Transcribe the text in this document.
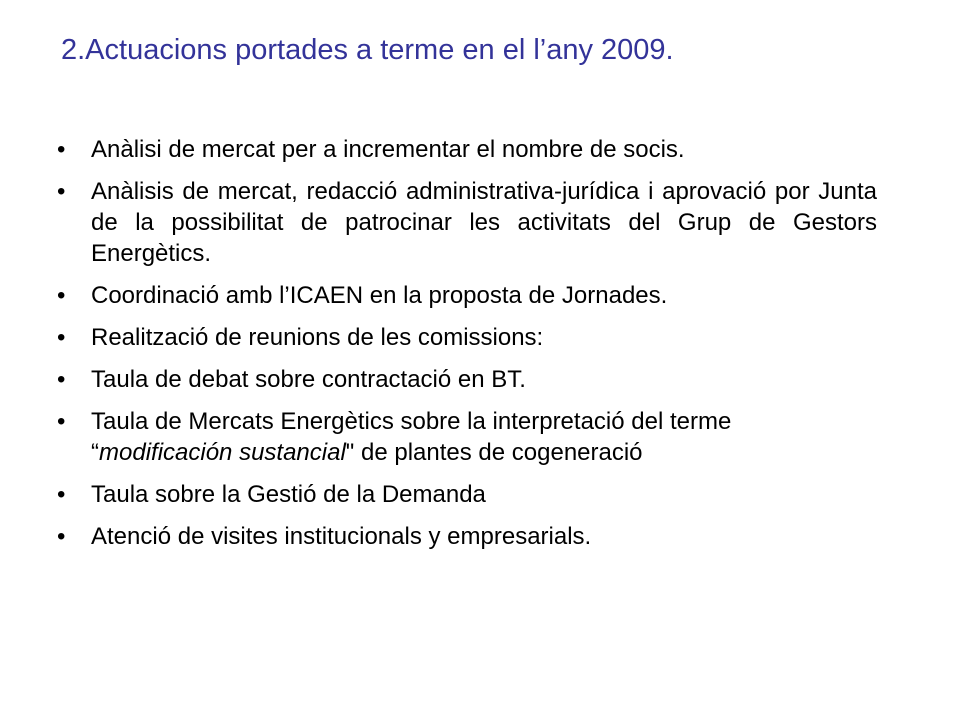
2.Actuacions portades a terme en el l’any 2009.
• Anàlisi de mercat per a incrementar el nombre de socis.
• Anàlisis de mercat, redacció administrativa-jurídica i aprovació por Junta de la possibilitat de patrocinar les activitats del Grup de Gestors Energètics.
• Coordinació amb l’ICAEN en la proposta de Jornades.
• Realització de reunions de les comissions:
• Taula de debat sobre contractació en BT.
• Taula de Mercats Energètics sobre la interpretació del terme “modificación sustancial" de plantes de cogeneració
• Taula sobre la Gestió de la Demanda
• Atenció de visites institucionals y empresarials.
